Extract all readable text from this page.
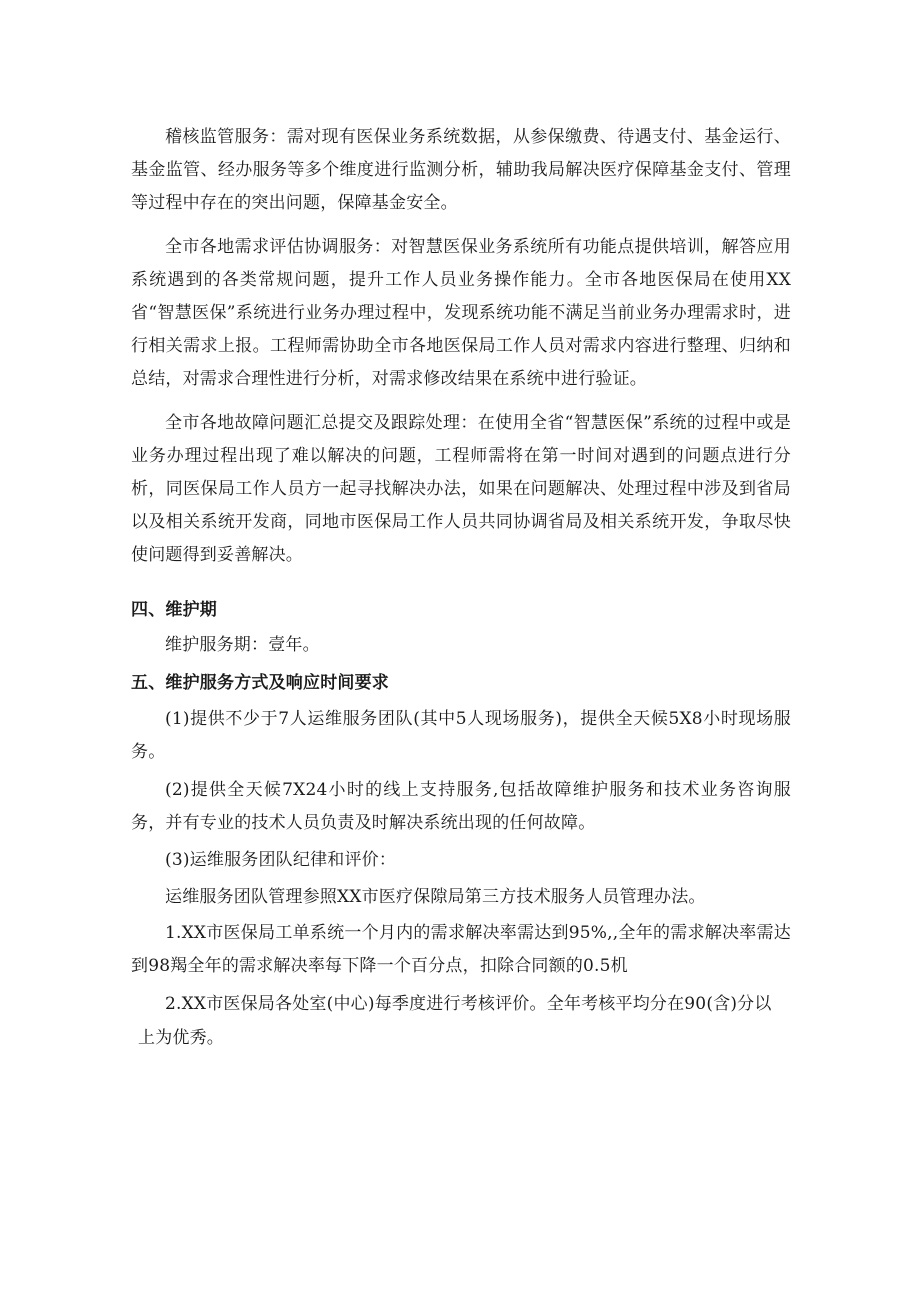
稽核监管服务：需对现有医保业务系统数据，从参保缴费、待遇支付、基金运行、基金监管、经办服务等多个维度进行监测分析，辅助我局解决医疗保障基金支付、管理等过程中存在的突出问题，保障基金安全。

全市各地需求评估协调服务：对智慧医保业务系统所有功能点提供培训，解答应用系统遇到的各类常规问题，提升工作人员业务操作能力。全市各地医保局在使用XX省“智慧医保”系统进行业务办理过程中，发现系统功能不满足当前业务办理需求时，进行相关需求上报。工程师需协助全市各地医保局工作人员对需求内容进行整理、归纳和总结，对需求合理性进行分析，对需求修改结果在系统中进行验证。

全市各地故障问题汇总提交及跟踪处理：在使用全省“智慧医保”系统的过程中或是业务办理过程出现了难以解决的问题，工程师需将在第一时间对遇到的问题点进行分析，同医保局工作人员方一起寻找解决办法，如果在问题解决、处理过程中涉及到省局以及相关系统开发商，同地市医保局工作人员共同协调省局及相关系统开发，争取尽快使问题得到妥善解决。

四、维护期

维护服务期：壹年。

五、维护服务方式及响应时间要求

(1)提供不少于7人运维服务团队(其中5人现场服务)，提供全天候5X8小时现场服务。

(2)提供全天候7X24小时的线上支持服务,包括故障维护服务和技术业务咨询服务，并有专业的技术人员负责及时解决系统出现的任何故障。

(3)运维服务团队纪律和评价：

运维服务团队管理参照XX市医疗保隙局第三方技术服务人员管理办法。

1.XX市医保局工单系统一个月内的需求解决率需达到95%,,全年的需求解决率需达到98羯全年的需求解决率每下降一个百分点，扣除合同额的0.5机

2.XX市医保局各处室(中心)每季度进行考核评价。全年考核平均分在90(含)分以

上为优秀。
